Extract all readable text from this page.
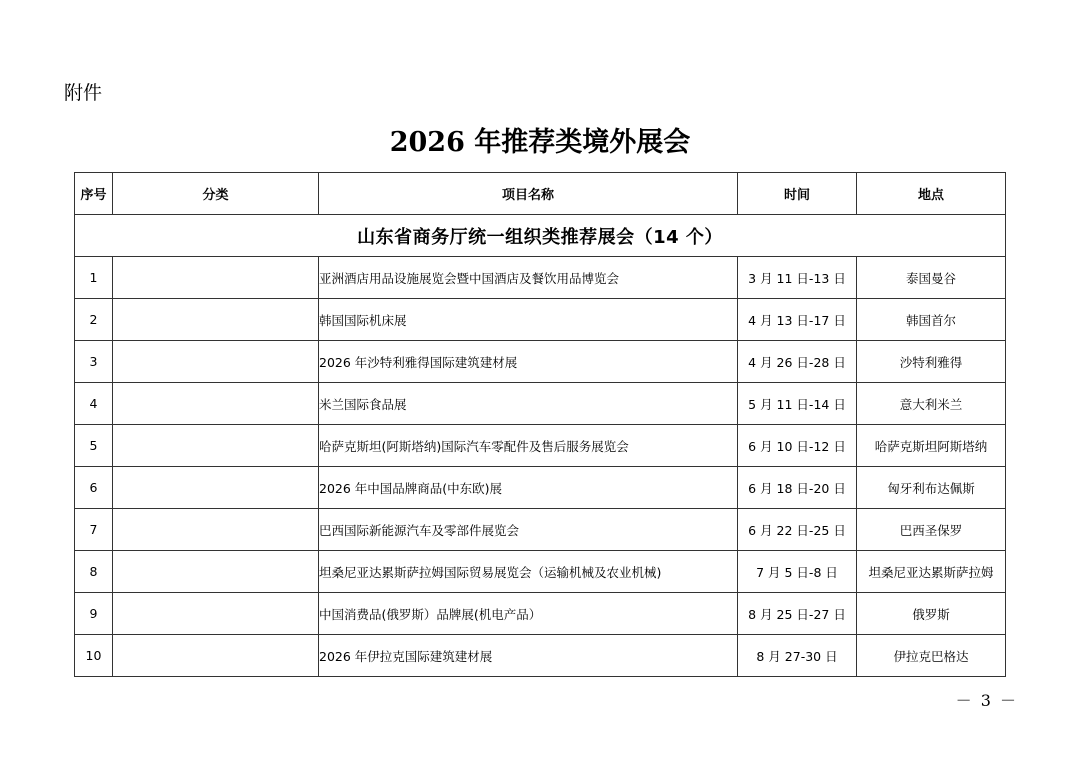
附件
2026 年推荐类境外展会
序号	分类	项目名称	时间	地点
山东省商务厅统一组织类推荐展会（14 个）				
1		亚洲酒店用品设施展览会暨中国酒店及餐饮用品博览会	3 月 11 日-13 日	泰国曼谷
2		韩国国际机床展	4 月 13 日-17 日	韩国首尔
3		2026 年沙特利雅得国际建筑建材展	4 月 26 日-28 日	沙特利雅得
4		米兰国际食品展	5 月 11 日-14 日	意大利米兰
5		哈萨克斯坦(阿斯塔纳)国际汽车零配件及售后服务展览会	6 月 10 日-12 日	哈萨克斯坦阿斯塔纳
6		2026 年中国品牌商品(中东欧)展	6 月 18 日-20 日	匈牙利布达佩斯
7		巴西国际新能源汽车及零部件展览会	6 月 22 日-25 日	巴西圣保罗
8		坦桑尼亚达累斯萨拉姆国际贸易展览会（运输机械及农业机械)	7 月 5 日-8 日	坦桑尼亚达累斯萨拉姆
9		中国消费品(俄罗斯）品牌展(机电产品）	8 月 25 日-27 日	俄罗斯
10		2026 年伊拉克国际建筑建材展	8 月 27-30 日	伊拉克巴格达
－ 3 －
